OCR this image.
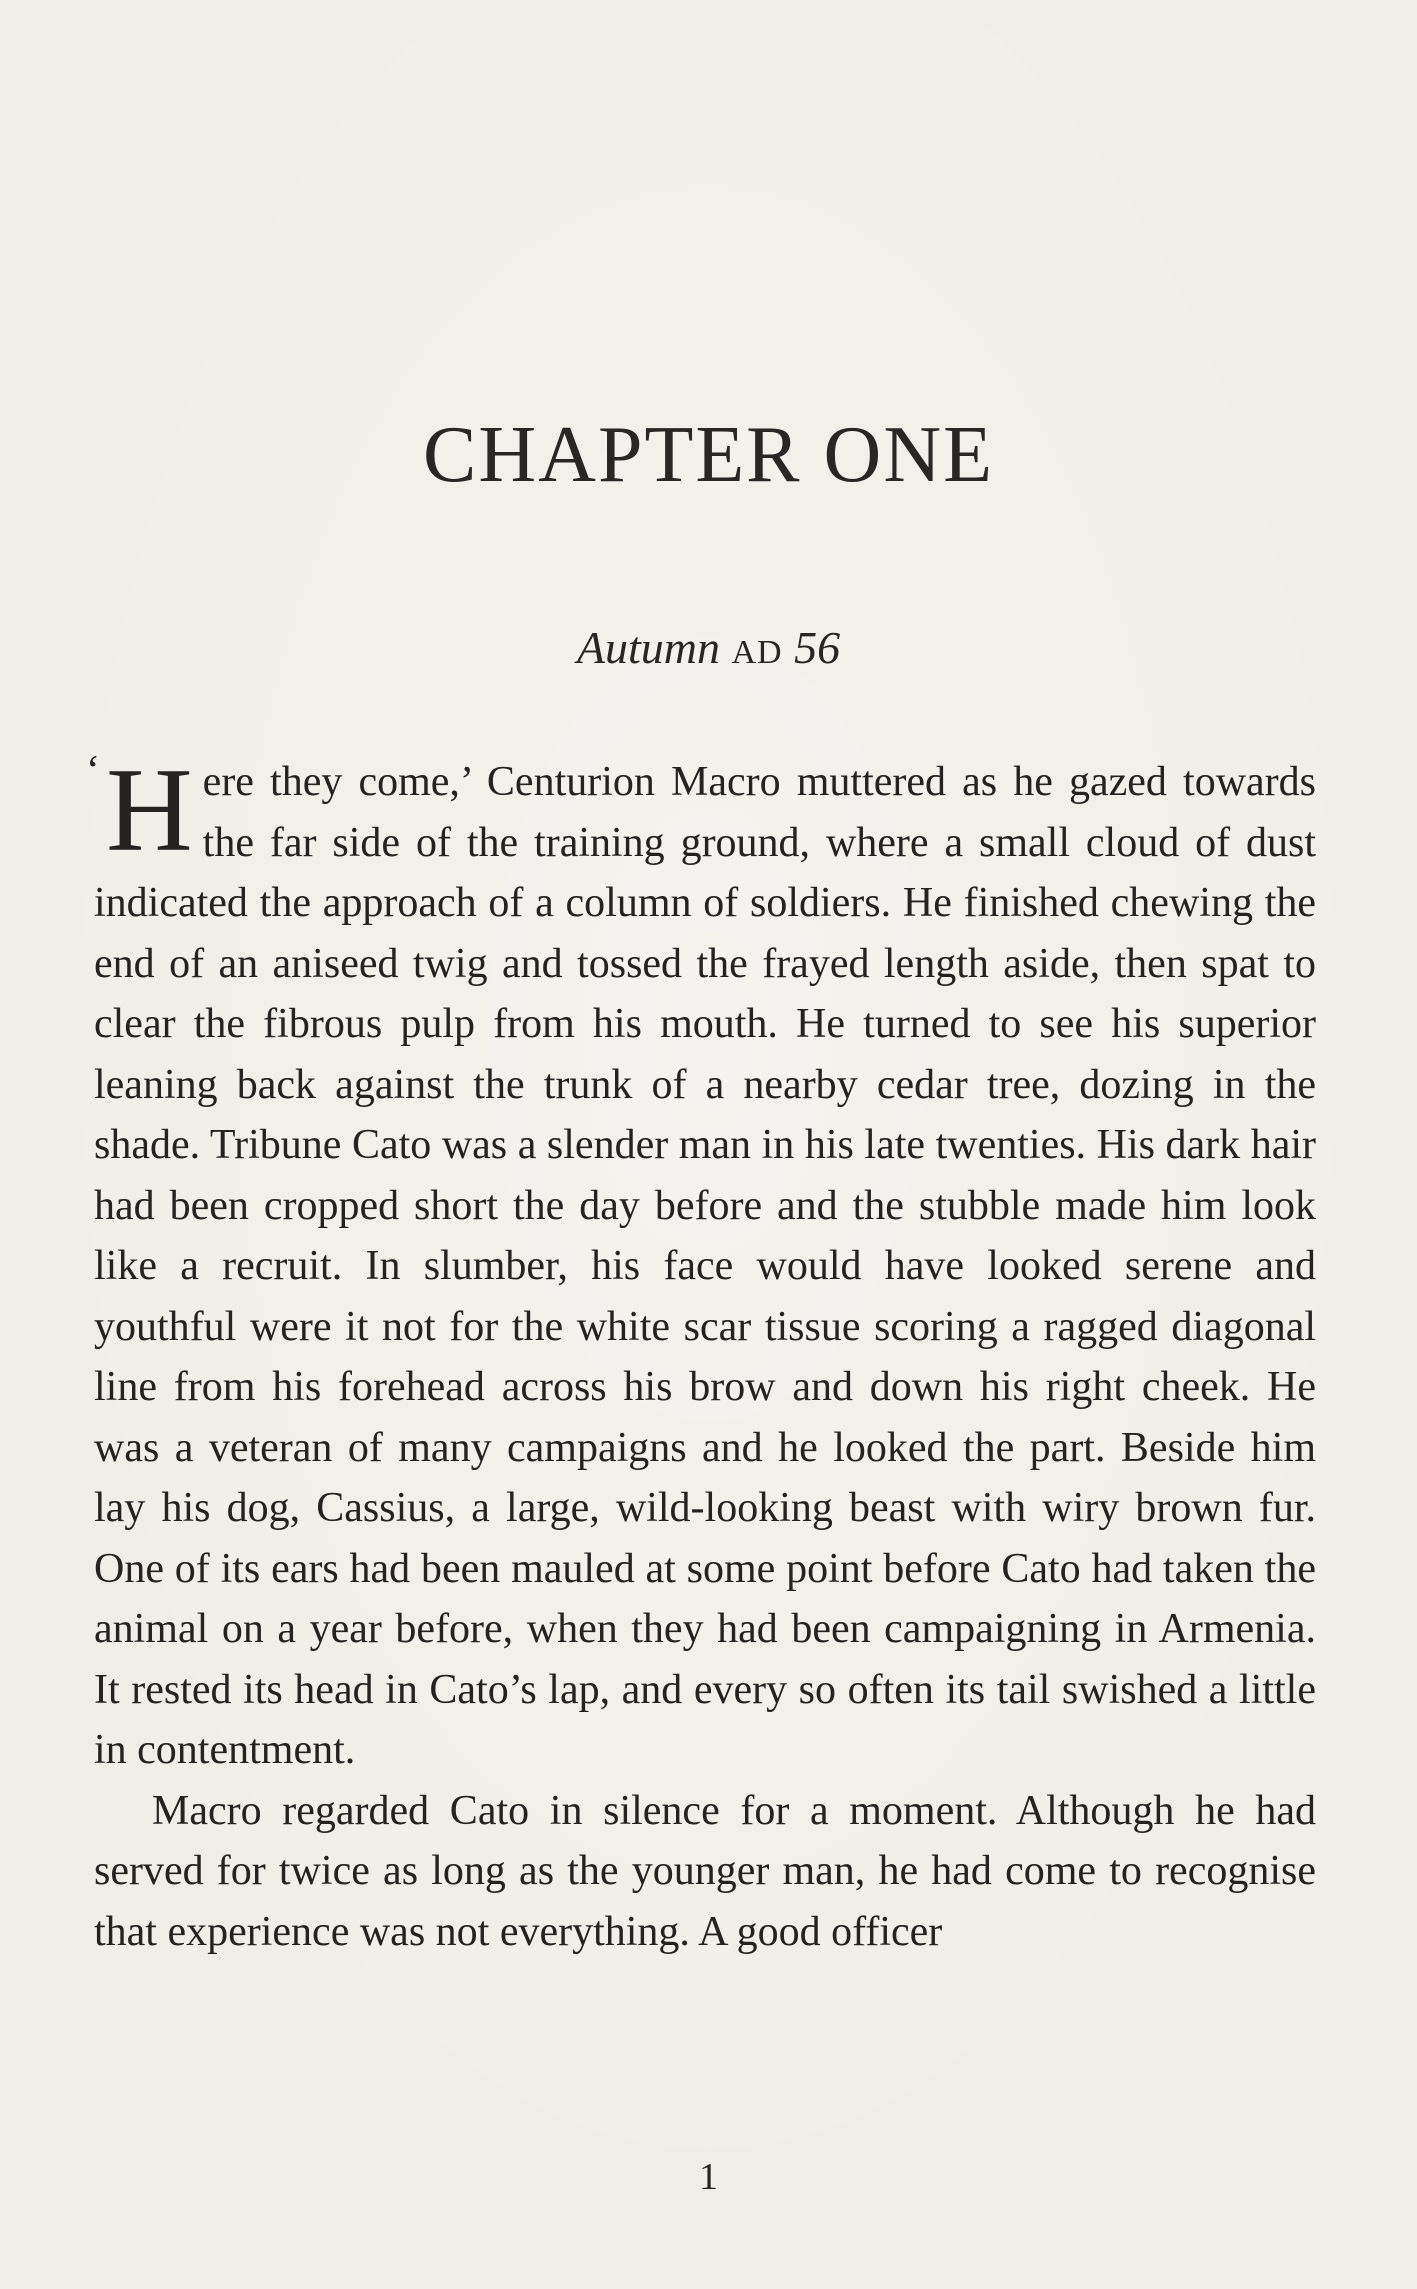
CHAPTER ONE
Autumn AD 56

‘ H ere they come,’ Centurion Macro muttered as he gazed towards the far side of the training ground, where a small cloud of dust indicated the approach of a column of soldiers. He finished chewing the end of an aniseed twig and tossed the frayed length aside, then spat to clear the fibrous pulp from his mouth. He turned to see his superior leaning back against the trunk of a nearby cedar tree, dozing in the shade. Tribune Cato was a slender man in his late twenties. His dark hair had been cropped short the day before and the stubble made him look like a recruit. In slumber, his face would have looked serene and youthful were it not for the white scar tissue scoring a ragged diagonal line from his forehead across his brow and down his right cheek. He was a veteran of many campaigns and he looked the part. Beside him lay his dog, Cassius, a large, wild-looking beast with wiry brown fur. One of its ears had been mauled at some point before Cato had taken the animal on a year before, when they had been campaigning in Armenia. It rested its head in Cato’s lap, and every so often its tail swished a little in contentment.

Macro regarded Cato in silence for a moment. Although he had served for twice as long as the younger man, he had come to recognise that experience was not everything. A good officer

1
